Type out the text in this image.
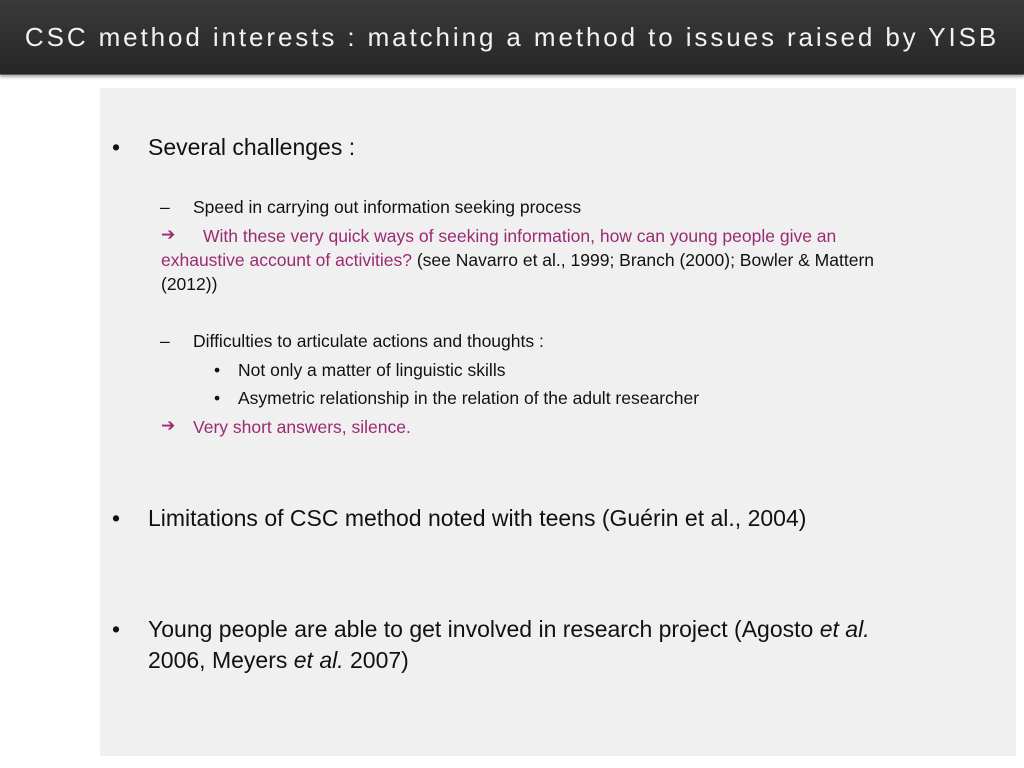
CSC method interests : matching a method to issues raised by YISB
• Several challenges :
– Speed in carrying out information seeking process
➔ With these very quick ways of seeking information, how can young people give an
exhaustive account of activities? (see Navarro et al., 1999; Branch (2000); Bowler & Mattern
(2012))
– Difficulties to articulate actions and thoughts :
• Not only a matter of linguistic skills
• Asymetric relationship in the relation of the adult researcher
➔ Very short answers, silence.
• Limitations of CSC method noted with teens (Guérin et al., 2004)
• Young people are able to get involved in research project (Agosto et al.
2006, Meyers et al. 2007)
